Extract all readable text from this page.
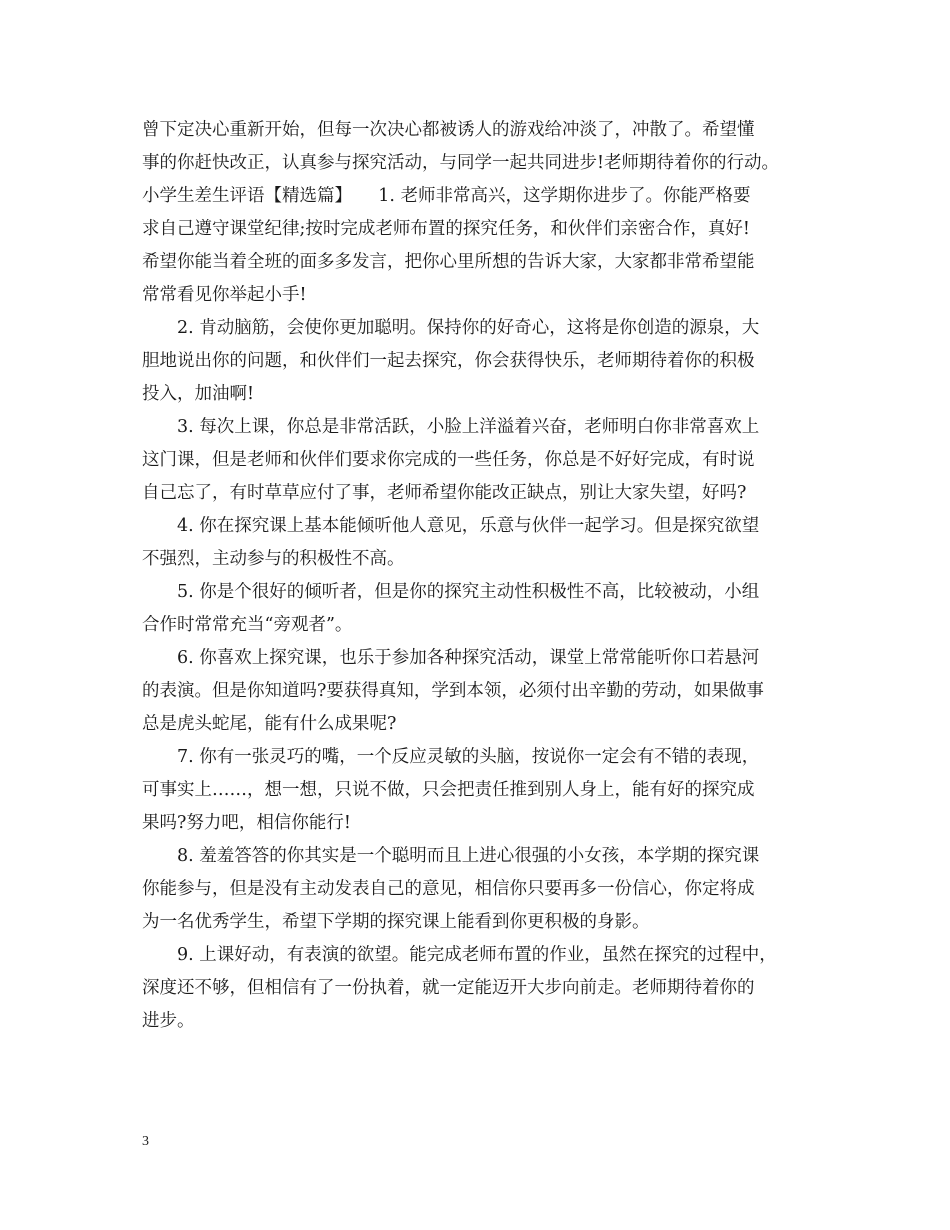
曾下定决心重新开始，但每一次决心都被诱人的游戏给冲淡了，冲散了。希望懂
事的你赶快改正，认真参与探究活动，与同学一起共同进步!老师期待着你的行动。
小学生差生评语【精选篇】　　1. 老师非常高兴，这学期你进步了。你能严格要
求自己遵守课堂纪律;按时完成老师布置的探究任务，和伙伴们亲密合作，真好!
希望你能当着全班的面多多发言，把你心里所想的告诉大家，大家都非常希望能
常常看见你举起小手!
2. 肯动脑筋，会使你更加聪明。保持你的好奇心，这将是你创造的源泉，大
胆地说出你的问题，和伙伴们一起去探究，你会获得快乐，老师期待着你的积极
投入，加油啊!
3. 每次上课，你总是非常活跃，小脸上洋溢着兴奋，老师明白你非常喜欢上
这门课，但是老师和伙伴们要求你完成的一些任务，你总是不好好完成，有时说
自己忘了，有时草草应付了事，老师希望你能改正缺点，别让大家失望，好吗?
4. 你在探究课上基本能倾听他人意见，乐意与伙伴一起学习。但是探究欲望
不强烈，主动参与的积极性不高。
5. 你是个很好的倾听者，但是你的探究主动性积极性不高，比较被动，小组
合作时常常充当“旁观者”。
6. 你喜欢上探究课，也乐于参加各种探究活动，课堂上常常能听你口若悬河
的表演。但是你知道吗?要获得真知，学到本领，必须付出辛勤的劳动，如果做事
总是虎头蛇尾，能有什么成果呢?
7. 你有一张灵巧的嘴，一个反应灵敏的头脑，按说你一定会有不错的表现，
可事实上……，想一想，只说不做，只会把责任推到别人身上，能有好的探究成
果吗?努力吧，相信你能行!
8. 羞羞答答的你其实是一个聪明而且上进心很强的小女孩，本学期的探究课
你能参与，但是没有主动发表自己的意见，相信你只要再多一份信心，你定将成
为一名优秀学生，希望下学期的探究课上能看到你更积极的身影。
9. 上课好动，有表演的欲望。能完成老师布置的作业，虽然在探究的过程中，
深度还不够，但相信有了一份执着，就一定能迈开大步向前走。老师期待着你的
进步。
3
